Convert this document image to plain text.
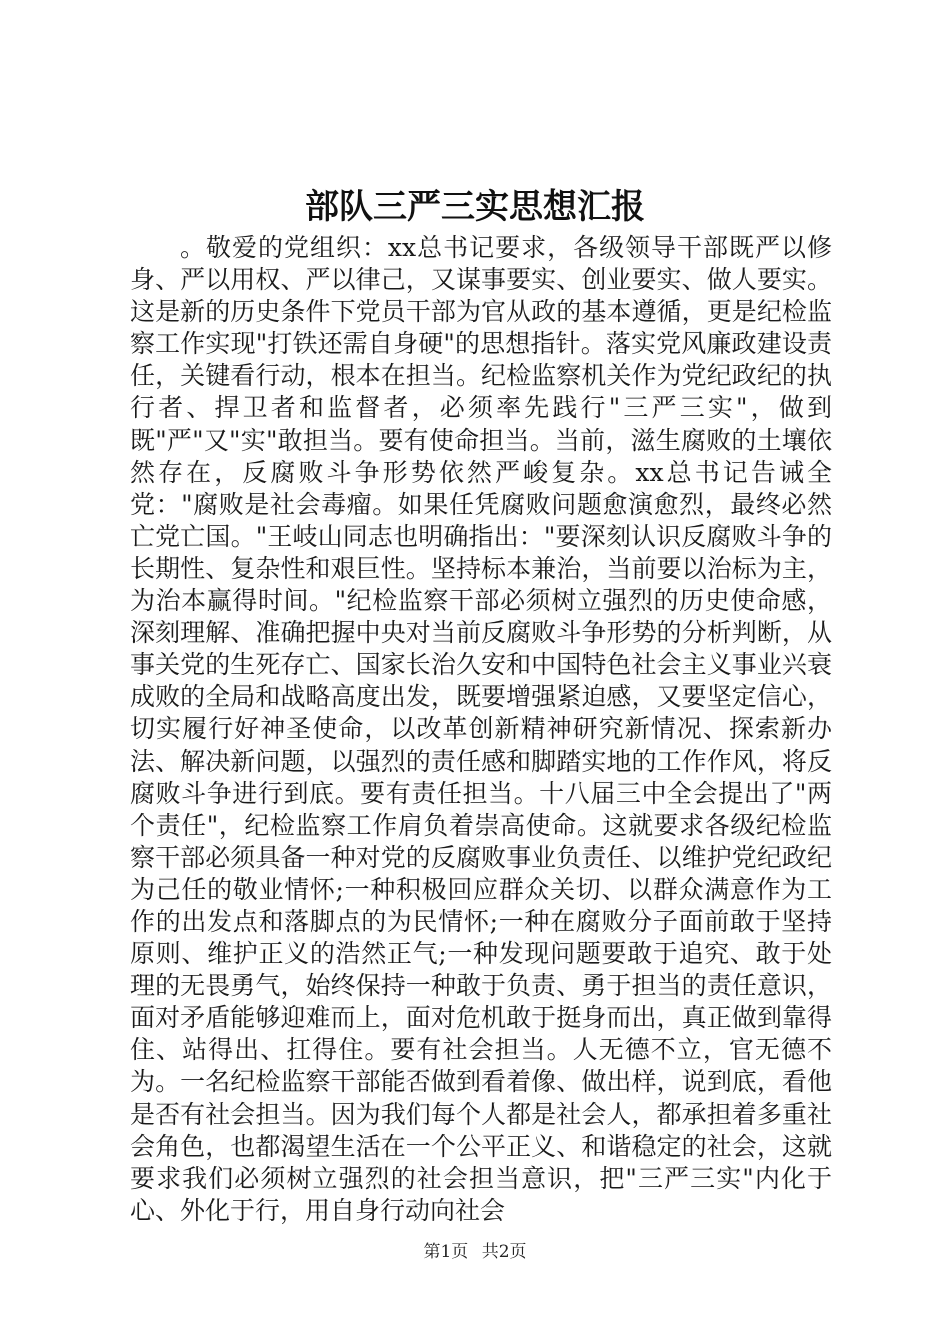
部队三严三实思想汇报

。敬爱的党组织：xx总书记要求，各级领导干部既严以修身、严以用权、严以律己，又谋事要实、创业要实、做人要实。这是新的历史条件下党员干部为官从政的基本遵循，更是纪检监察工作实现"打铁还需自身硬"的思想指针。落实党风廉政建设责任，关键看行动，根本在担当。纪检监察机关作为党纪政纪的执行者、捍卫者和监督者，必须率先践行"三严三实"，做到既"严"又"实"敢担当。要有使命担当。当前，滋生腐败的土壤依然存在，反腐败斗争形势依然严峻复杂。xx总书记告诫全党："腐败是社会毒瘤。如果任凭腐败问题愈演愈烈，最终必然亡党亡国。"王岐山同志也明确指出："要深刻认识反腐败斗争的长期性、复杂性和艰巨性。坚持标本兼治，当前要以治标为主，为治本赢得时间。"纪检监察干部必须树立强烈的历史使命感，深刻理解、准确把握中央对当前反腐败斗争形势的分析判断，从事关党的生死存亡、国家长治久安和中国特色社会主义事业兴衰成败的全局和战略高度出发，既要增强紧迫感，又要坚定信心，切实履行好神圣使命，以改革创新精神研究新情况、探索新办法、解决新问题，以强烈的责任感和脚踏实地的工作作风，将反腐败斗争进行到底。要有责任担当。十八届三中全会提出了"两个责任"，纪检监察工作肩负着崇高使命。这就要求各级纪检监察干部必须具备一种对党的反腐败事业负责任、以维护党纪政纪为己任的敬业情怀;一种积极回应群众关切、以群众满意作为工作的出发点和落脚点的为民情怀;一种在腐败分子面前敢于坚持原则、维护正义的浩然正气;一种发现问题要敢于追究、敢于处理的无畏勇气，始终保持一种敢于负责、勇于担当的责任意识，面对矛盾能够迎难而上，面对危机敢于挺身而出，真正做到靠得住、站得出、扛得住。要有社会担当。人无德不立，官无德不为。一名纪检监察干部能否做到看着像、做出样，说到底，看他是否有社会担当。因为我们每个人都是社会人，都承担着多重社会角色，也都渴望生活在一个公平正义、和谐稳定的社会，这就要求我们必须树立强烈的社会担当意识，把"三严三实"内化于心、外化于行，用自身行动向社会

第1页 共2页
